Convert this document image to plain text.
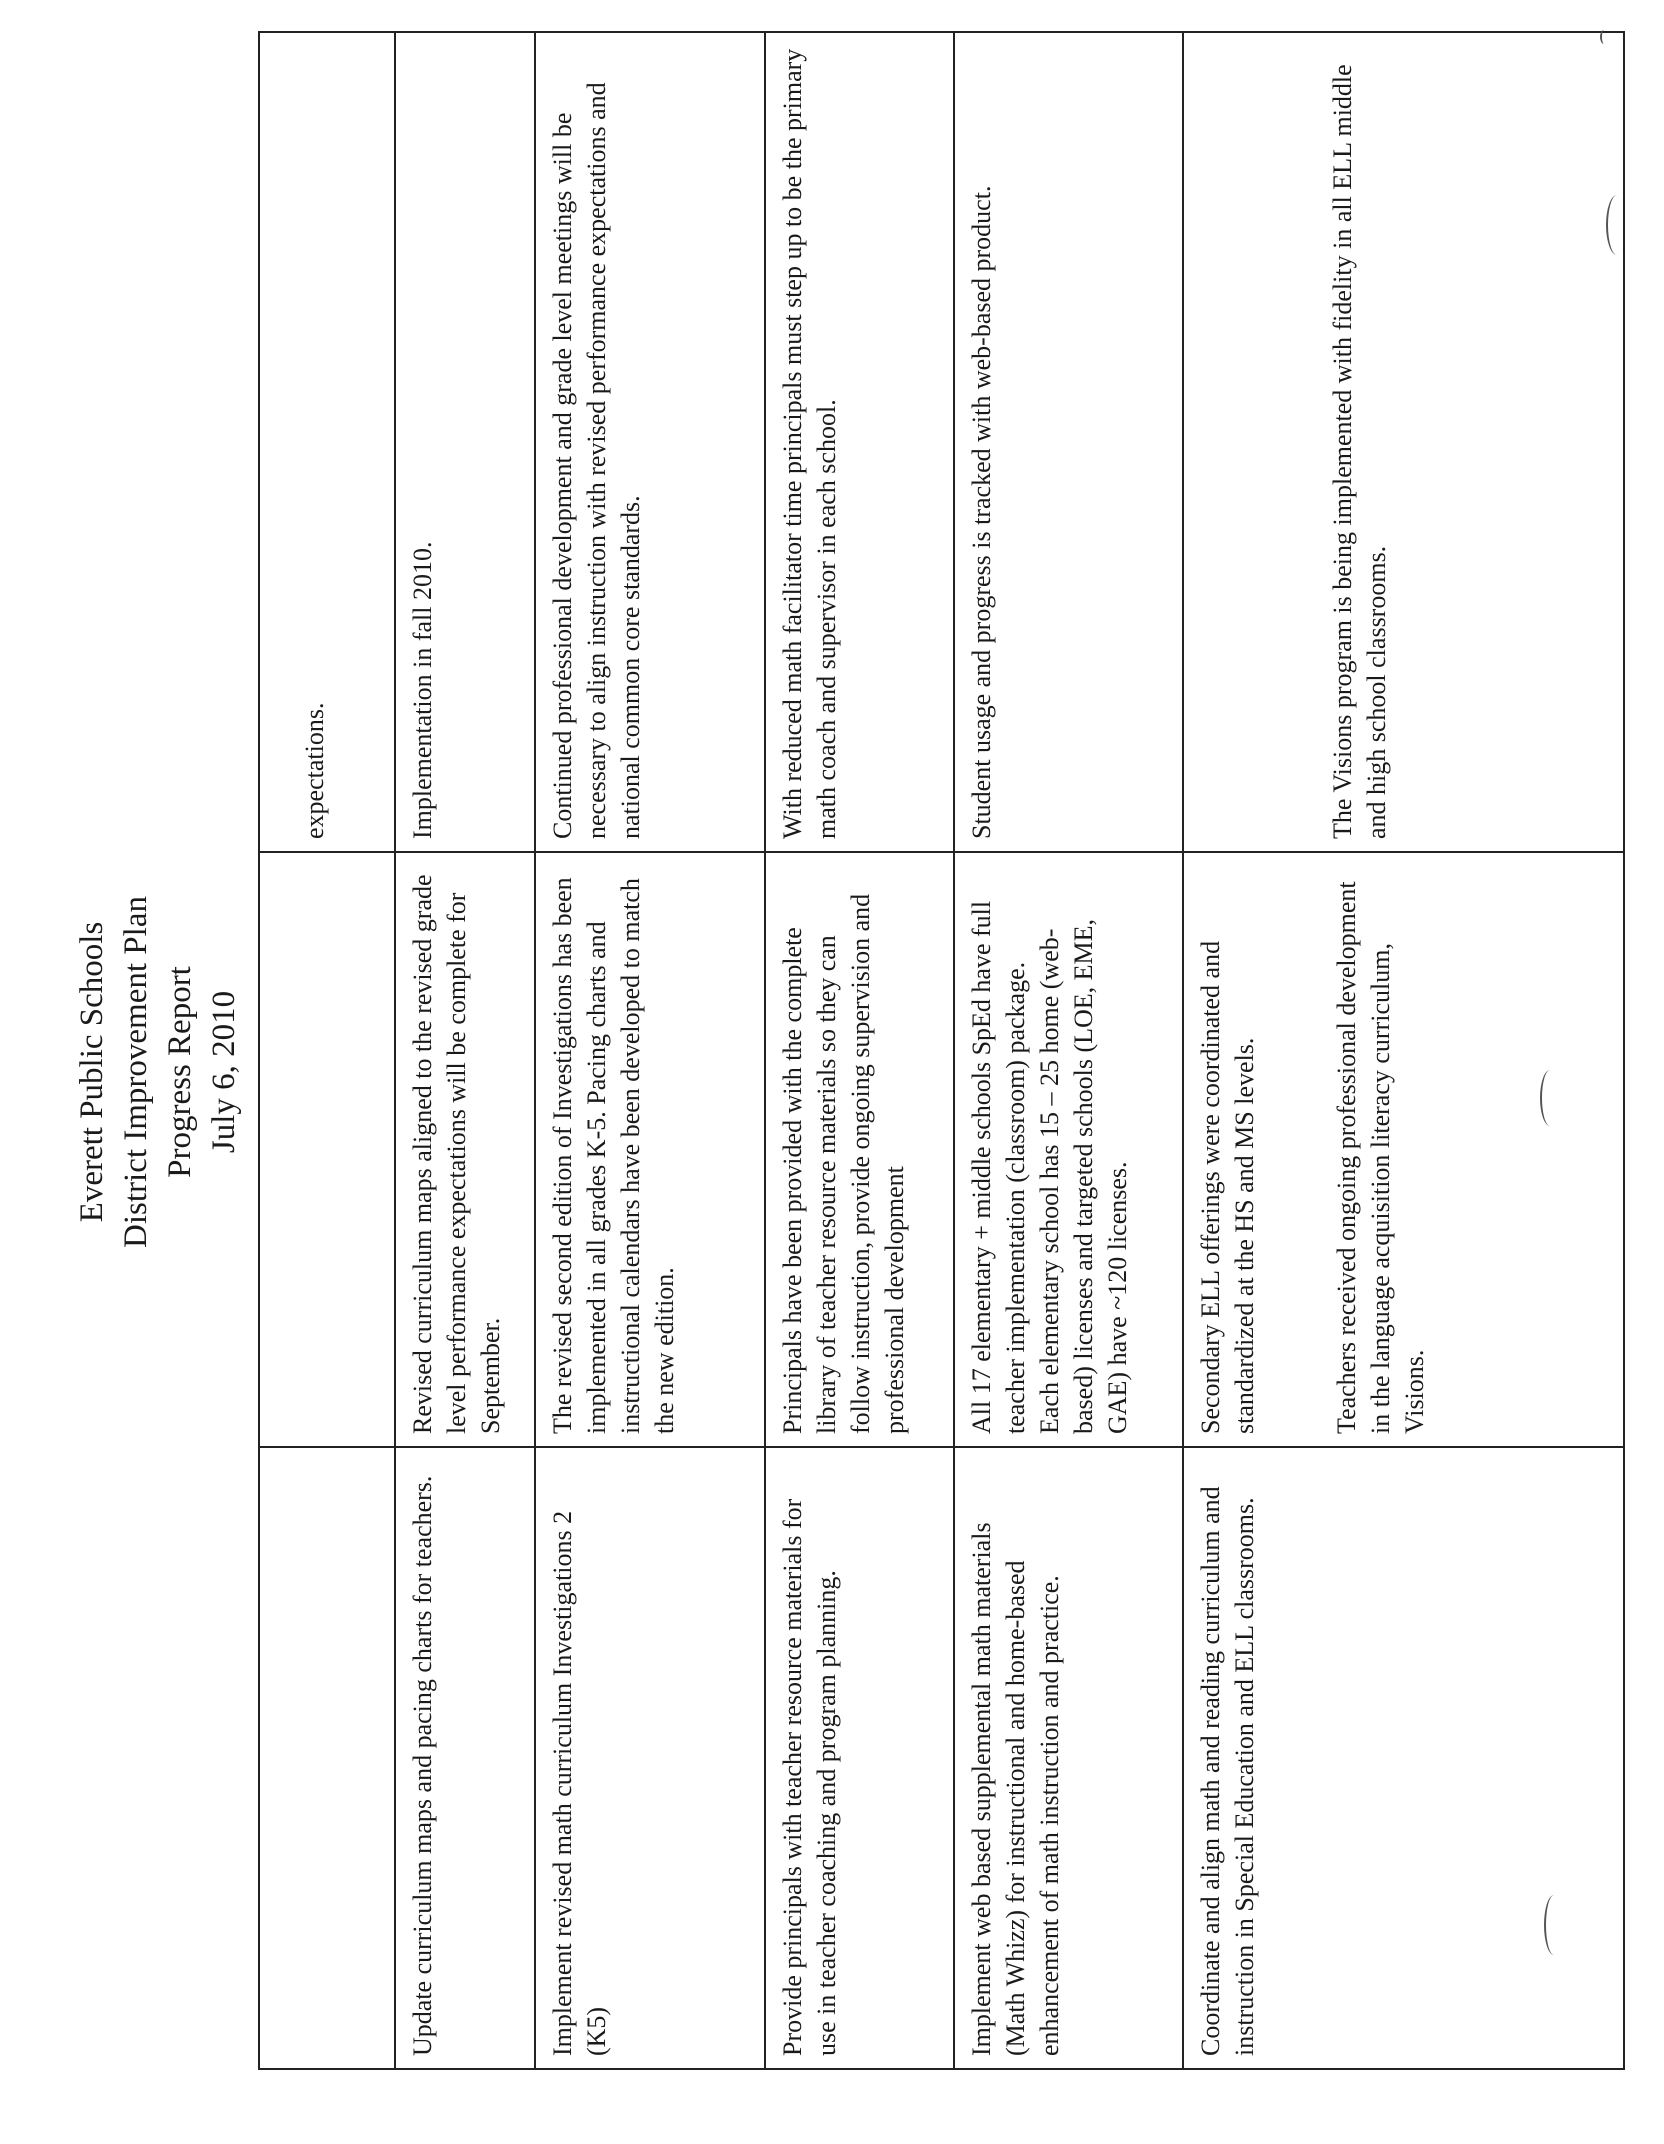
Everett Public Schools District Improvement Plan Progress Report July 6, 2010

		expectations.

Update curriculum maps and pacing charts for teachers.	Revised curriculum maps aligned to the revised grade level performance expectations will be complete for September.	Implementation in fall 2010.
Implement revised math curriculum Investigations 2 (K5)	The revised second edition of Investigations has been implemented in all grades K-5. Pacing charts and instructional calendars have been developed to match the new edition.	Continued professional development and grade level meetings will be necessary to align instruction with revised performance expectations and national common core standards.
Provide principals with teacher resource materials for use in teacher coaching and program planning.	Principals have been provided with the complete library of teacher resource materials so they can follow instruction, provide ongoing supervision and professional development	With reduced math facilitator time principals must step up to be the primary math coach and supervisor in each school.
Implement web based supplemental math materials (Math Whizz) for instructional and home-based enhancement of math instruction and practice.	All 17 elementary + middle schools SpEd have full teacher implementation (classroom) package. Each elementary school has 15 – 25 home (web-based) licenses and targeted schools (LOE, EME, GAE) have ~120 licenses.	Student usage and progress is tracked with web-based product.
Coordinate and align math and reading curriculum and instruction in Special Education and ELL classrooms.	Secondary ELL offerings were coordinated and standardized at the HS and MS levels. Teachers received ongoing professional development in the language acquisition literacy curriculum, Visions.	The Visions program is being implemented with fidelity in all ELL middle and high school classrooms.
